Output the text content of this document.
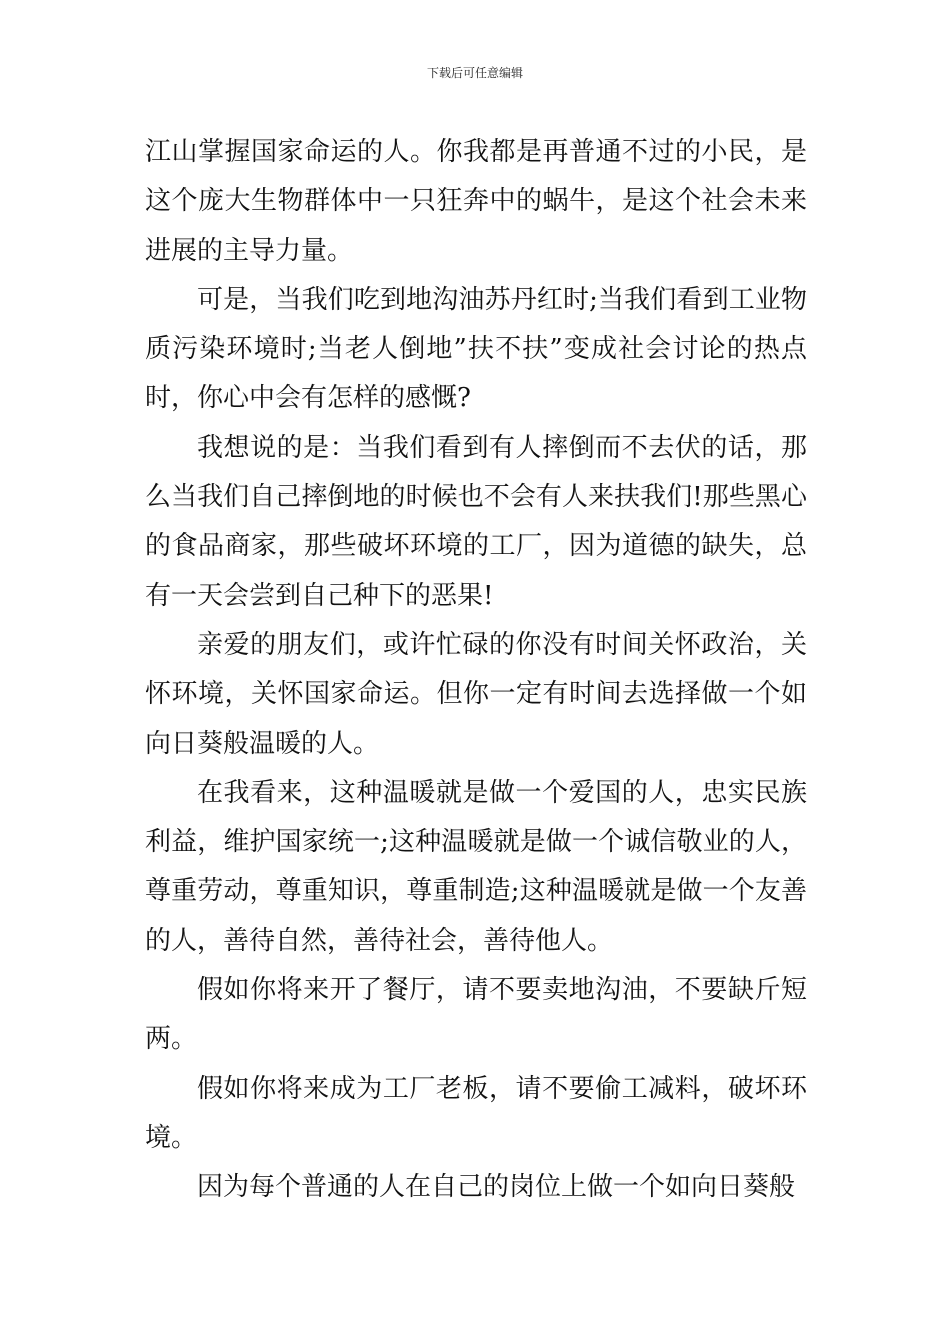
下载后可任意编辑

江山掌握国家命运的人。你我都是再普通不过的小民，是这个庞大生物群体中一只狂奔中的蜗牛，是这个社会未来进展的主导力量。

可是，当我们吃到地沟油苏丹红时;当我们看到工业物质污染环境时;当老人倒地”扶不扶”变成社会讨论的热点时，你心中会有怎样的感慨?

我想说的是：当我们看到有人摔倒而不去伏的话，那么当我们自己摔倒地的时候也不会有人来扶我们!那些黑心的食品商家，那些破坏环境的工厂，因为道德的缺失，总有一天会尝到自己种下的恶果!

亲爱的朋友们，或许忙碌的你没有时间关怀政治，关怀环境，关怀国家命运。但你一定有时间去选择做一个如向日葵般温暖的人。

在我看来，这种温暖就是做一个爱国的人，忠实民族利益，维护国家统一;这种温暖就是做一个诚信敬业的人，尊重劳动，尊重知识，尊重制造;这种温暖就是做一个友善的人，善待自然，善待社会，善待他人。

假如你将来开了餐厅，请不要卖地沟油，不要缺斤短两。

假如你将来成为工厂老板，请不要偷工减料，破坏环境。

因为每个普通的人在自己的岗位上做一个如向日葵般
